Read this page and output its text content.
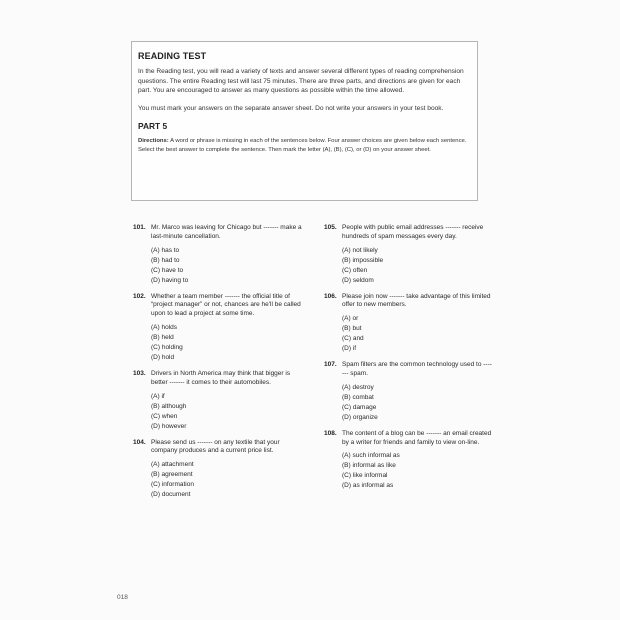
READING TEST

In the Reading test, you will read a variety of texts and answer several different types of reading comprehension questions. The entire Reading test will last 75 minutes. There are three parts, and directions are given for each part. You are encouraged to answer as many questions as possible within the time allowed.

You must mark your answers on the separate answer sheet. Do not write your answers in your test book.

PART 5

Directions: A word or phrase is missing in each of the sentences below. Four answer choices are given below each sentence. Select the best answer to complete the sentence. Then mark the letter (A), (B), (C), or (D) on your answer sheet.

101. Mr. Marco was leaving for Chicago but ------- make a last-minute cancellation.
(A) has to
(B) had to
(C) have to
(D) having to
102. Whether a team member ------- the official title of “project manager” or not, chances are he'll be called upon to lead a project at some time.
(A) holds
(B) held
(C) holding
(D) hold
103. Drivers in North America may think that bigger is better ------- it comes to their automobiles.
(A) if
(B) although
(C) when
(D) however
104. Please send us ------- on any textile that your company produces and a current price list.
(A) attachment
(B) agreement
(C) information
(D) document
105. People with public email addresses ------- receive hundreds of spam messages every day.
(A) not likely
(B) impossible
(C) often
(D) seldom
106. Please join now ------- take advantage of this limited offer to new members.
(A) or
(B) but
(C) and
(D) if
107. Spam filters are the common technology used to ------- spam.
(A) destroy
(B) combat
(C) damage
(D) organize
108. The content of a blog can be ------- an email created by a writer for friends and family to view on-line.
(A) such informal as
(B) informal as like
(C) like informal
(D) as informal as
018
